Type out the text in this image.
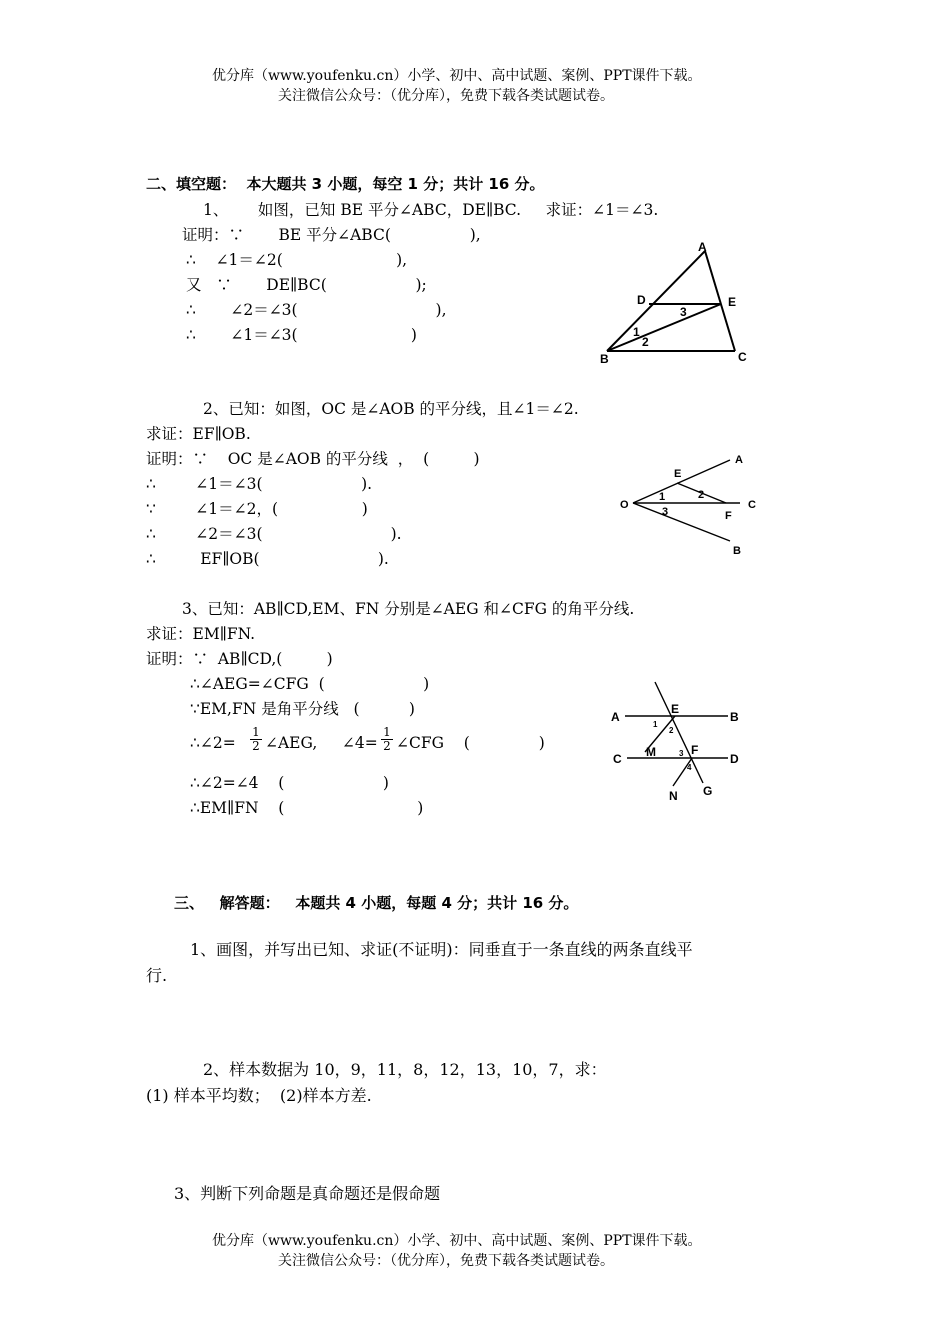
优分库（www.youfenku.cn）小学、初中、高中试题、案例、PPT课件下载。
关注微信公众号：（优分库），免费下载各类试题试卷。
二、填空题：  本大题共 3 小题，每空 1 分；共计 16 分。
1、      如图，已知 BE 平分∠ABC，DE∥BC.     求证：∠1＝∠3.
证明：∵       BE 平分∠ABC(                ),
∴    ∠1＝∠2(                       ),
又   ∵       DE∥BC(                  );
∴       ∠2＝∠3(                            ),
∴       ∠1＝∠3(                       )
A
B	C
D	E
1
2
3
2、已知：如图，OC 是∠AOB 的平分线，且∠1＝∠2.
求证：EF∥OB.
证明：∵    OC 是∠AOB 的平分线  ，  (         )
∴        ∠1＝∠3(                    ).
∵        ∠1＝∠2，(                 )
∴        ∠2＝∠3(                          ).
∴         EF∥OB(                        ).
O
A
B
C
E
F
1	2
3
3、已知：AB∥CD,EM、FN 分别是∠AEG 和∠CFG 的角平分线.
求证：EM∥FN.
证明：∵  AB∥CD,(         )
∴∠AEG=∠CFG  (                    )
∵EM,FN 是角平分线   (          )
∴∠2= $\frac{1}{2}$ ∠AEG,     ∠4= $\frac{1}{2}$ ∠CFG    (              )
∴∠2=∠4    (                    )
∴EM∥FN    (                           )
A	B
C	D
E
F
M
N G
1
2
3
4
三、   解答题：   本题共 4 小题，每题 4 分；共计 16 分。
1、画图，并写出已知、求证(不证明)：同垂直于一条直线的两条直线平
行.
2、样本数据为 10，9，11，8，12，13，10，7，求：
(1) 样本平均数；  (2)样本方差.
3、判断下列命题是真命题还是假命题
优分库（www.youfenku.cn）小学、初中、高中试题、案例、PPT课件下载。
关注微信公众号：（优分库），免费下载各类试题试卷。
